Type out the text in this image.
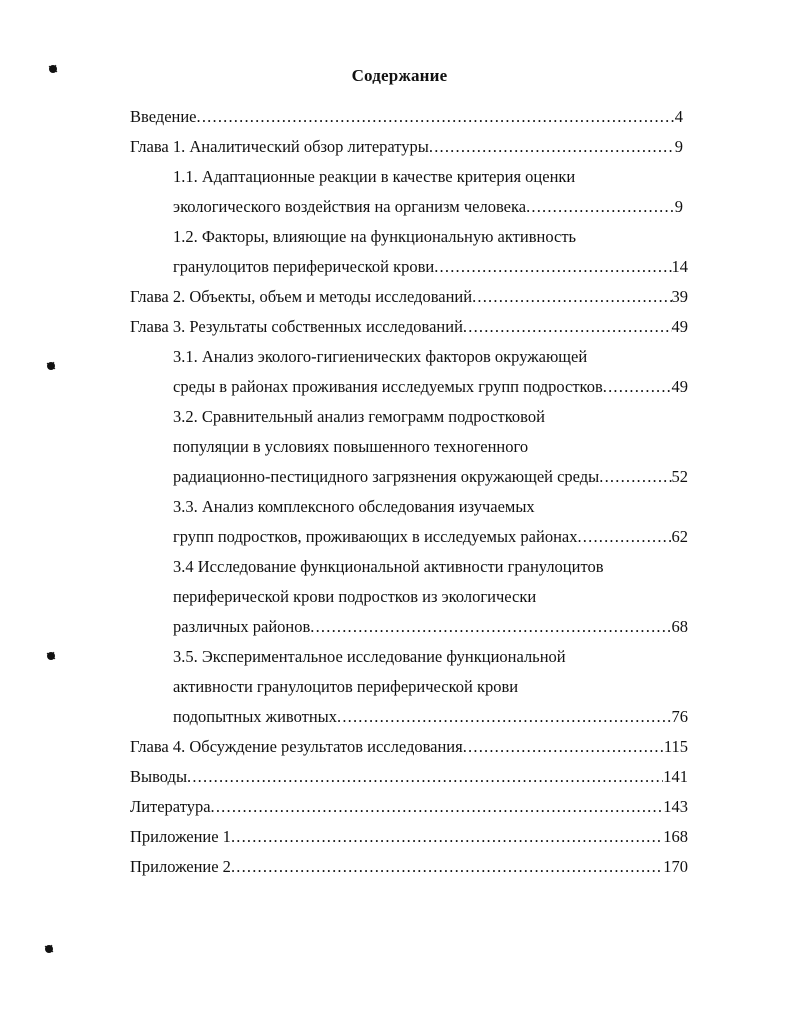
Содержание
Введение .....	4
Глава 1. Аналитический обзор литературы .....	9
1.1. Адаптационные реакции в качестве критерия оценки
экологического воздействия на организм человека .....	9
1.2. Факторы, влияющие на функциональную активность
гранулоцитов периферической крови .....	14
Глава 2. Объекты, объем и методы исследований .....	39
Глава 3. Результаты собственных исследований .....	49
3.1. Анализ эколого-гигиенических факторов окружающей
среды в районах проживания исследуемых групп подростков .....	49
3.2. Сравнительный анализ гемограмм подростковой
популяции в условиях повышенного техногенного
радиационно-пестицидного загрязнения окружающей среды .....	52
3.3. Анализ комплексного обследования изучаемых
групп подростков, проживающих в исследуемых районах .....	62
3.4 Исследование функциональной активности гранулоцитов
периферической крови подростков из экологически
различных районов .....	68
3.5. Экспериментальное исследование функциональной
активности гранулоцитов периферической крови
подопытных животных .....	76
Глава 4. Обсуждение результатов исследования .....	115
Выводы .....	141
Литература .....	143
Приложение 1 .....	168
Приложение 2 .....	170
